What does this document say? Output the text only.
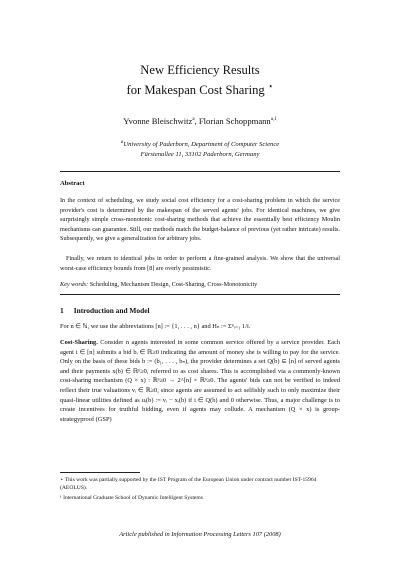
New Efficiency Results
for Makespan Cost Sharing ⋆
Yvonne Bleischwitz$^a$, Florian Schoppmann$^{a,1}$
$^a$University of Paderborn, Department of Computer Science
Fürstenallee 11, 33102 Paderborn, Germany
Abstract
In the context of scheduling, we study social cost efficiency for a cost-sharing problem in which the service provider's cost is determined by the makespan of the served agents' jobs. For identical machines, we give surprisingly simple cross-monotonic cost-sharing methods that achieve the essentially best efficiency Moulin mechanisms can guarantee. Still, our methods match the budget-balance of previous (yet rather intricate) results. Subsequently, we give a generalization for arbitrary jobs.
Finally, we return to identical jobs in order to perform a fine-grained analysis. We show that the universal worst-case efficiency bounds from [8] are overly pessimistic.
Key words: Scheduling, Mechanism Design, Cost-Sharing, Cross-Monotonicity
1 Introduction and Model
For n ∈ ℕ, we use the abbreviations [n] := {1, . . . , n} and Hₙ := Σⁿᵢ₌₁ 1/i.
Cost-Sharing. Consider n agents interested in some common service offered by a service provider. Each agent i ∈ [n] submits a bid bᵢ ∈ ℝ≥0 indicating the amount of money she is willing to pay for the service. Only on the basis of these bids b := (b₁, . . . , bₙ), the provider determines a set Q(b) ⊆ [n] of served agents and their payments x(b) ∈ ℝⁿ≥0, referred to as cost shares. This is accomplished via a commonly-known cost-sharing mechanism (Q × x) : ℝⁿ≥0 → 2^[n] × ℝⁿ≥0. The agents' bids can not be verified to indeed reflect their true valuations vᵢ ∈ ℝ≥0, since agents are assumed to act selfishly such to only maximize their quasi-linear utilities defined as uᵢ(b) := vᵢ − xᵢ(b) if i ∈ Q(b) and 0 otherwise. Thus, a major challenge is to create incentives for truthful bidding, even if agents may collude. A mechanism (Q × x) is group-strategyproof (GSP)
⋆ This work was partially supported by the IST Program of the European Union under contract number IST-15964 (AEOLUS).
¹ International Graduate School of Dynamic Intelligent Systems
Article published in Information Processing Letters 107 (2008)
